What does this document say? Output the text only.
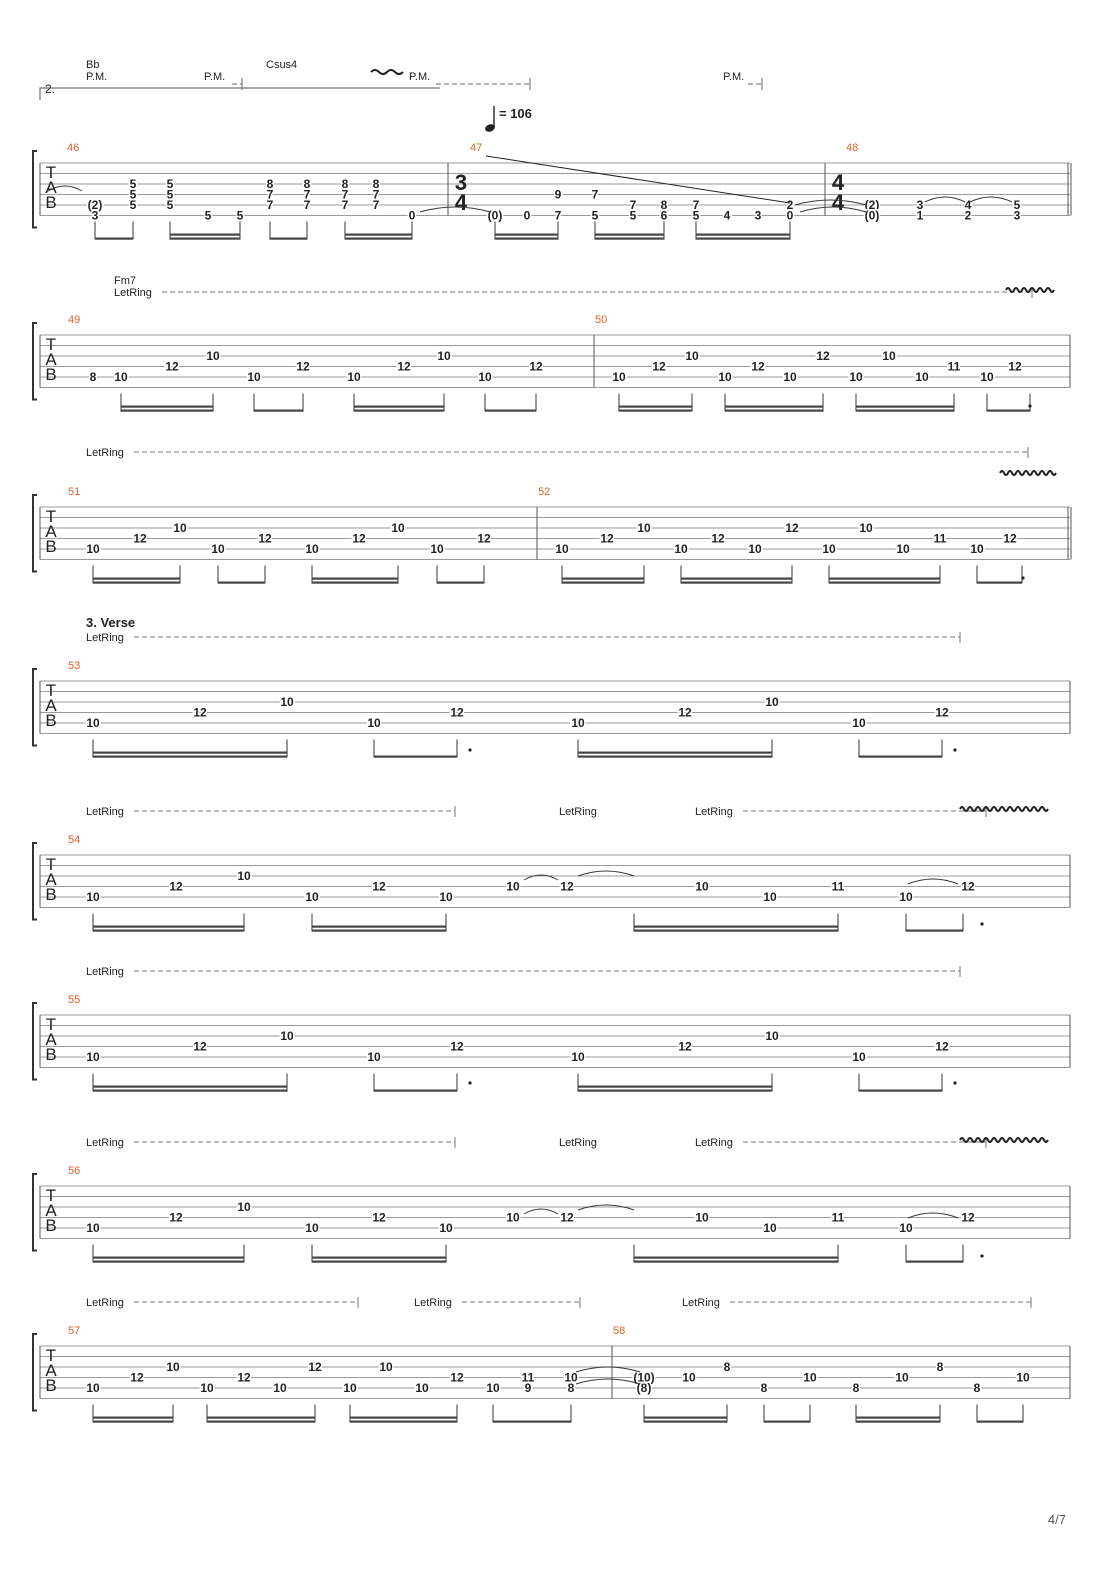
T
A
B
46	47	48
(2)
3
5
5
5
5
5
5
5 5
8
7
7
8
7
7
8
7
7
8
7
7
0	(0) 0
9
7
7
5
7
5
8
6
7
5 4 3
2
0
(2)
(0)
3
1
4
2
5
3
T
A
B
49	50
8 10
12
10
10
12
10
12
10
10
12
10
12
10
10
12
10
12
10
10
10
11
10
12
T
A
B
51	52
10
12
10
10
12
10
12
10
10
12
10
12
10
10
12
10
12
10
10
10
11
10
12
T
A
B
53
10
12
10
10
12
10
12
10
10
12
T
A
B
54
10
12
10
10
12
10
10	12	10
10
11
10
12
T
A
B
55
10
12
10
10
12
10
12
10
10
12
T
A
B
56
10
12
10
10
12
10
10	12	10
10
11
10
12
T
A
B
57	58
10
12
10
10
12
10
12
10
10
10
12
10
11
9
10
8
(10)
(8)
10
8
8
10
8
10
8
8
10
Bb
P.M.	P.M.
Csus4
P.M.	P.M.
2.
= 106
3
4
4
4
Fm7
LetRing
LetRing
3. Verse
LetRing
LetRing	LetRing	LetRing
LetRing	LetRing	LetRing
LetRing
LetRing	LetRing	LetRing
4/7
